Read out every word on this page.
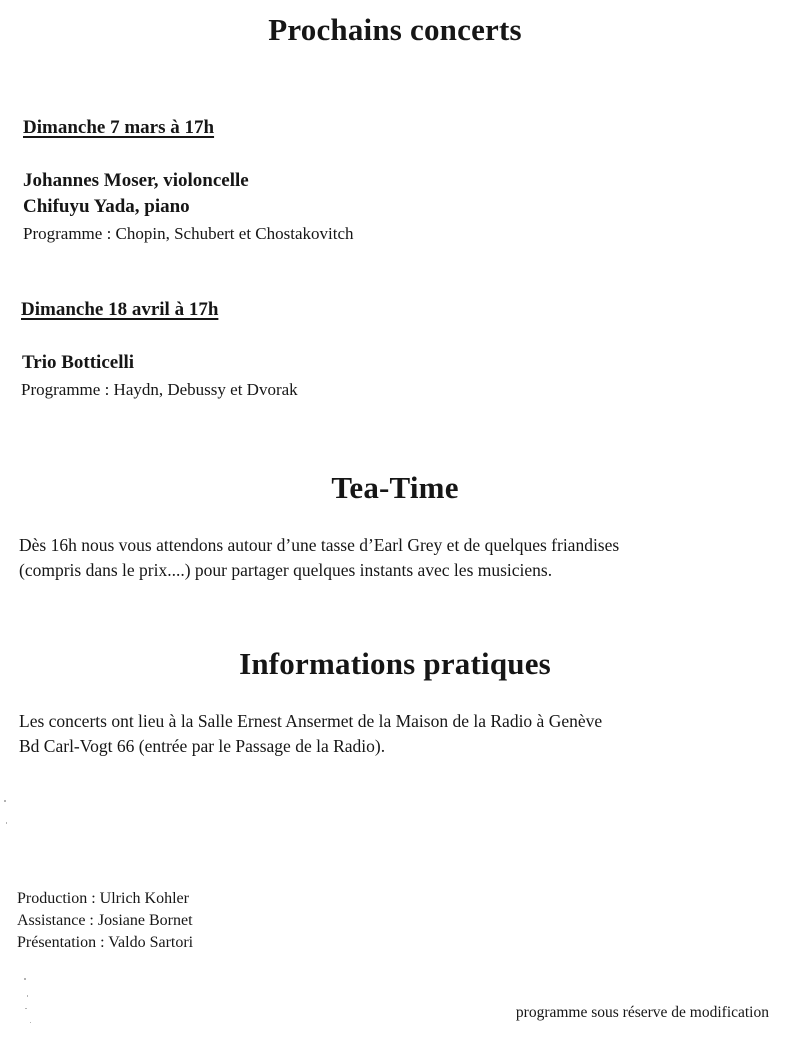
Prochains concerts
Dimanche 7 mars à 17h
Johannes Moser, violoncelle
Chifuyu Yada, piano
Programme : Chopin, Schubert et Chostakovitch
Dimanche 18 avril à 17h
Trio Botticelli
Programme : Haydn, Debussy et Dvorak
Tea-Time
Dès 16h nous vous attendons autour d’une tasse d’Earl Grey et de quelques friandises
(compris dans le prix....) pour partager quelques instants avec les musiciens.
Informations pratiques
Les concerts ont lieu à la Salle Ernest Ansermet de la Maison de la Radio à Genève
Bd Carl-Vogt 66 (entrée par le Passage de la Radio).
Production : Ulrich Kohler
Assistance : Josiane Bornet
Présentation : Valdo Sartori
programme sous réserve de modification
